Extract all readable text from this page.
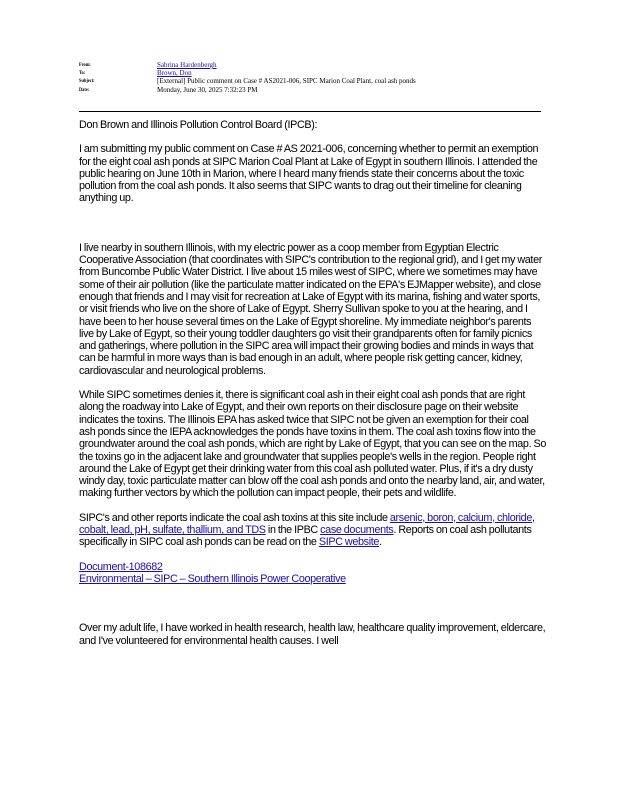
From:	Sabrina Hardenbergh
To:	Brown, Don
Subject:	[External] Public comment on Case # AS2021-006, SIPC Marion Coal Plant, coal ash ponds
Date:	Monday, June 30, 2025 7:32:23 PM

Don Brown and Illinois Pollution Control Board (IPCB):

I am submitting my public comment on Case # AS 2021-006, concerning whether to permit an exemption for the eight coal ash ponds at SIPC Marion Coal Plant at Lake of Egypt in southern Illinois. I attended the public hearing on June 10th in Marion, where I heard many friends state their concerns about the toxic pollution from the coal ash ponds. It also seems that SIPC wants to drag out their timeline for cleaning anything up.

I live nearby in southern Illinois, with my electric power as a coop member from Egyptian Electric Cooperative Association (that coordinates with SIPC's contribution to the regional grid), and I get my water from Buncombe Public Water District. I live about 15 miles west of SIPC, where we sometimes may have some of their air pollution (like the particulate matter indicated on the EPA's EJMapper website), and close enough that friends and I may visit for recreation at Lake of Egypt with its marina, fishing and water sports, or visit friends who live on the shore of Lake of Egypt. Sherry Sullivan spoke to you at the hearing, and I have been to her house several times on the Lake of Egypt shoreline. My immediate neighbor's parents live by Lake of Egypt, so their young toddler daughters go visit their grandparents often for family picnics and gatherings, where pollution in the SIPC area will impact their growing bodies and minds in ways that can be harmful in more ways than is bad enough in an adult, where people risk getting cancer, kidney, cardiovascular and neurological problems.

While SIPC sometimes denies it, there is significant coal ash in their eight coal ash ponds that are right along the roadway into Lake of Egypt, and their own reports on their disclosure page on their website indicates the toxins. The Illinois EPA has asked twice that SIPC not be given an exemption for their coal ash ponds since the IEPA acknowledges the ponds have toxins in them. The coal ash toxins flow into the groundwater around the coal ash ponds, which are right by Lake of Egypt, that you can see on the map. So the toxins go in the adjacent lake and groundwater that supplies people's wells in the region. People right around the Lake of Egypt get their drinking water from this coal ash polluted water. Plus, if it's a dry dusty windy day, toxic particulate matter can blow off the coal ash ponds and onto the nearby land, air, and water, making further vectors by which the pollution can impact people, their pets and wildlife.

SIPC's and other reports indicate the coal ash toxins at this site include arsenic, boron, calcium, chloride, cobalt, lead, pH, sulfate, thallium, and TDS in the IPBC case documents. Reports on coal ash pollutants specifically in SIPC coal ash ponds can be read on the SIPC website.

Document-108682
Environmental – SIPC – Southern Illinois Power Cooperative

Over my adult life, I have worked in health research, health law, healthcare quality improvement, eldercare, and I've volunteered for environmental health causes. I well
